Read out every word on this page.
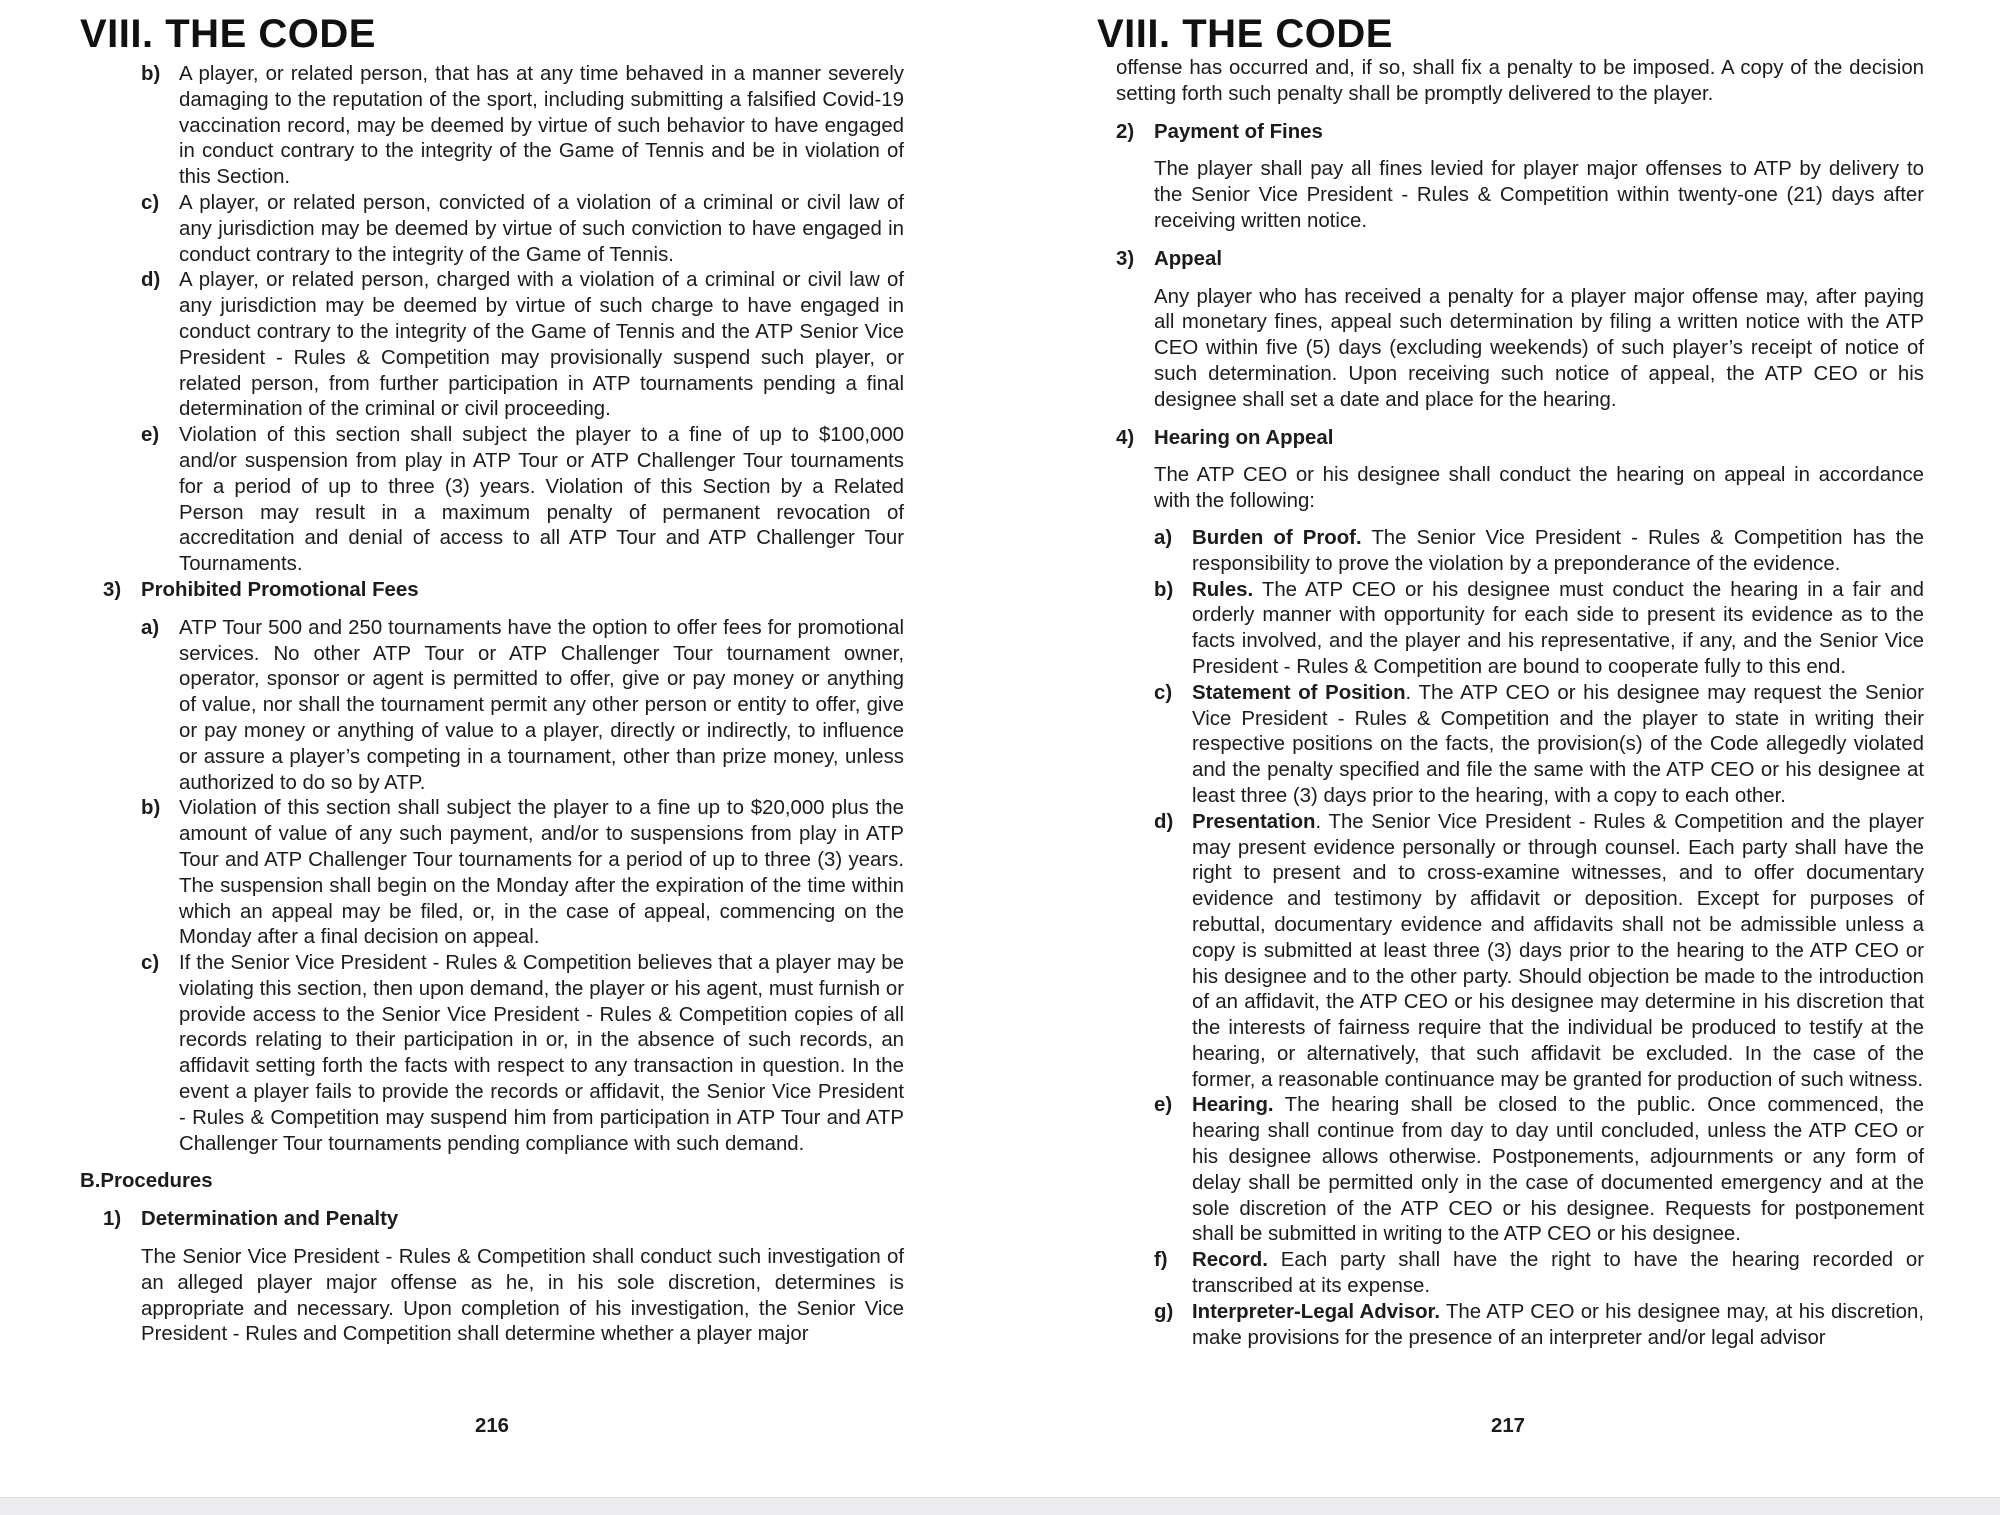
VIII. THE CODE
b) A player, or related person, that has at any time behaved in a manner severely damaging to the reputation of the sport, including submitting a falsified Covid-19 vaccination record, may be deemed by virtue of such behavior to have engaged in conduct contrary to the integrity of the Game of Tennis and be in violation of this Section.
c) A player, or related person, convicted of a violation of a criminal or civil law of any jurisdiction may be deemed by virtue of such conviction to have engaged in conduct contrary to the integrity of the Game of Tennis.
d) A player, or related person, charged with a violation of a criminal or civil law of any jurisdiction may be deemed by virtue of such charge to have engaged in conduct contrary to the integrity of the Game of Tennis and the ATP Senior Vice President - Rules & Competition may provisionally suspend such player, or related person, from further participation in ATP tournaments pending a final determination of the criminal or civil proceeding.
e) Violation of this section shall subject the player to a fine of up to $100,000 and/or suspension from play in ATP Tour or ATP Challenger Tour tournaments for a period of up to three (3) years. Violation of this Section by a Related Person may result in a maximum penalty of permanent revocation of accreditation and denial of access to all ATP Tour and ATP Challenger Tour Tournaments.
3) Prohibited Promotional Fees
a) ATP Tour 500 and 250 tournaments have the option to offer fees for promotional services. No other ATP Tour or ATP Challenger Tour tournament owner, operator, sponsor or agent is permitted to offer, give or pay money or anything of value, nor shall the tournament permit any other person or entity to offer, give or pay money or anything of value to a player, directly or indirectly, to influence or assure a player’s competing in a tournament, other than prize money, unless authorized to do so by ATP.
b) Violation of this section shall subject the player to a fine up to $20,000 plus the amount of value of any such payment, and/or to suspensions from play in ATP Tour and ATP Challenger Tour tournaments for a period of up to three (3) years. The suspension shall begin on the Monday after the expiration of the time within which an appeal may be filed, or, in the case of appeal, commencing on the Monday after a final decision on appeal.
c) If the Senior Vice President - Rules & Competition believes that a player may be violating this section, then upon demand, the player or his agent, must furnish or provide access to the Senior Vice President - Rules & Competition copies of all records relating to their participation in or, in the absence of such records, an affidavit setting forth the facts with respect to any transaction in question. In the event a player fails to provide the records or affidavit, the Senior Vice President - Rules & Competition may suspend him from participation in ATP Tour and ATP Challenger Tour tournaments pending compliance with such demand.
B. Procedures
1) Determination and Penalty
The Senior Vice President - Rules & Competition shall conduct such investigation of an alleged player major offense as he, in his sole discretion, determines is appropriate and necessary. Upon completion of his investigation, the Senior Vice President - Rules and Competition shall determine whether a player major
216
VIII. THE CODE
offense has occurred and, if so, shall fix a penalty to be imposed. A copy of the decision setting forth such penalty shall be promptly delivered to the player.
2) Payment of Fines
The player shall pay all fines levied for player major offenses to ATP by delivery to the Senior Vice President - Rules & Competition within twenty-one (21) days after receiving written notice.
3) Appeal
Any player who has received a penalty for a player major offense may, after paying all monetary fines, appeal such determination by filing a written notice with the ATP CEO within five (5) days (excluding weekends) of such player’s receipt of notice of such determination. Upon receiving such notice of appeal, the ATP CEO or his designee shall set a date and place for the hearing.
4) Hearing on Appeal
The ATP CEO or his designee shall conduct the hearing on appeal in accordance with the following:
a) Burden of Proof. The Senior Vice President - Rules & Competition has the responsibility to prove the violation by a preponderance of the evidence.
b) Rules. The ATP CEO or his designee must conduct the hearing in a fair and orderly manner with opportunity for each side to present its evidence as to the facts involved, and the player and his representative, if any, and the Senior Vice President - Rules & Competition are bound to cooperate fully to this end.
c) Statement of Position. The ATP CEO or his designee may request the Senior Vice President - Rules & Competition and the player to state in writing their respective positions on the facts, the provision(s) of the Code allegedly violated and the penalty specified and file the same with the ATP CEO or his designee at least three (3) days prior to the hearing, with a copy to each other.
d) Presentation. The Senior Vice President - Rules & Competition and the player may present evidence personally or through counsel. Each party shall have the right to present and to cross-examine witnesses, and to offer documentary evidence and testimony by affidavit or deposition. Except for purposes of rebuttal, documentary evidence and affidavits shall not be admissible unless a copy is submitted at least three (3) days prior to the hearing to the ATP CEO or his designee and to the other party. Should objection be made to the introduction of an affidavit, the ATP CEO or his designee may determine in his discretion that the interests of fairness require that the individual be produced to testify at the hearing, or alternatively, that such affidavit be excluded. In the case of the former, a reasonable continuance may be granted for production of such witness.
e) Hearing. The hearing shall be closed to the public. Once commenced, the hearing shall continue from day to day until concluded, unless the ATP CEO or his designee allows otherwise. Postponements, adjournments or any form of delay shall be permitted only in the case of documented emergency and at the sole discretion of the ATP CEO or his designee. Requests for postponement shall be submitted in writing to the ATP CEO or his designee.
f)	Record. Each party shall have the right to have the hearing recorded or transcribed at its expense.
g) Interpreter-Legal Advisor. The ATP CEO or his designee may, at his discretion, make provisions for the presence of an interpreter and/or legal advisor
217
